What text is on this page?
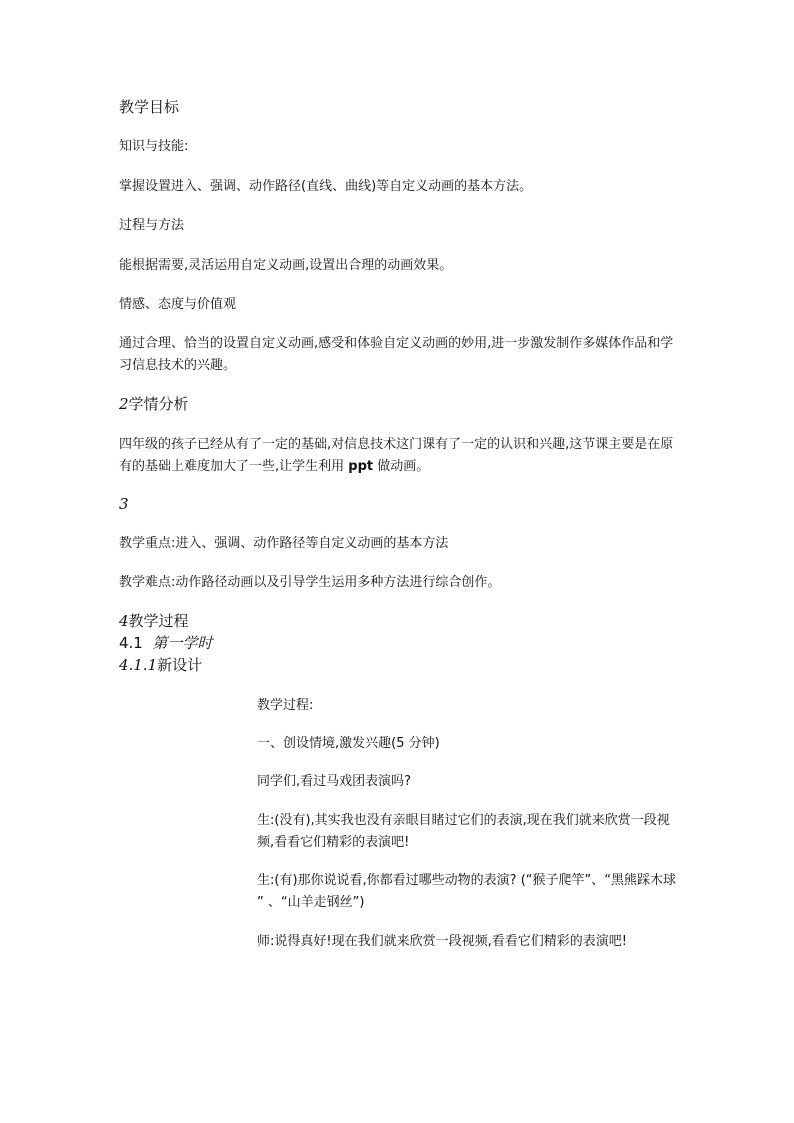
教学目标
知识与技能:
掌握设置进入、强调、动作路径(直线、曲线)等自定义动画的基本方法。
过程与方法
能根据需要,灵活运用自定义动画,设置出合理的动画效果。
情感、态度与价值观
通过合理、恰当的设置自定义动画,感受和体验自定义动画的妙用,进一步激发制作多媒体作品和学习信息技术的兴趣。
2学情分析
四年级的孩子已经从有了一定的基础,对信息技术这门课有了一定的认识和兴趣,这节课主要是在原有的基础上难度加大了一些,让学生利用 ppt 做动画。
3
教学重点:进入、强调、动作路径等自定义动画的基本方法
教学难点:动作路径动画以及引导学生运用多种方法进行综合创作。
4教学过程
4.1 第一学时
4.1.1新设计
教学过程:
一、创设情境,激发兴趣(5 分钟)
同学们,看过马戏团表演吗?
生:(没有),其实我也没有亲眼目睹过它们的表演,现在我们就来欣赏一段视频,看看它们精彩的表演吧!
生:(有)那你说说看,你都看过哪些动物的表演? (“猴子爬竿”、“黑熊踩木球 ” 、“山羊走钢丝”)
师:说得真好!现在我们就来欣赏一段视频,看看它们精彩的表演吧!
